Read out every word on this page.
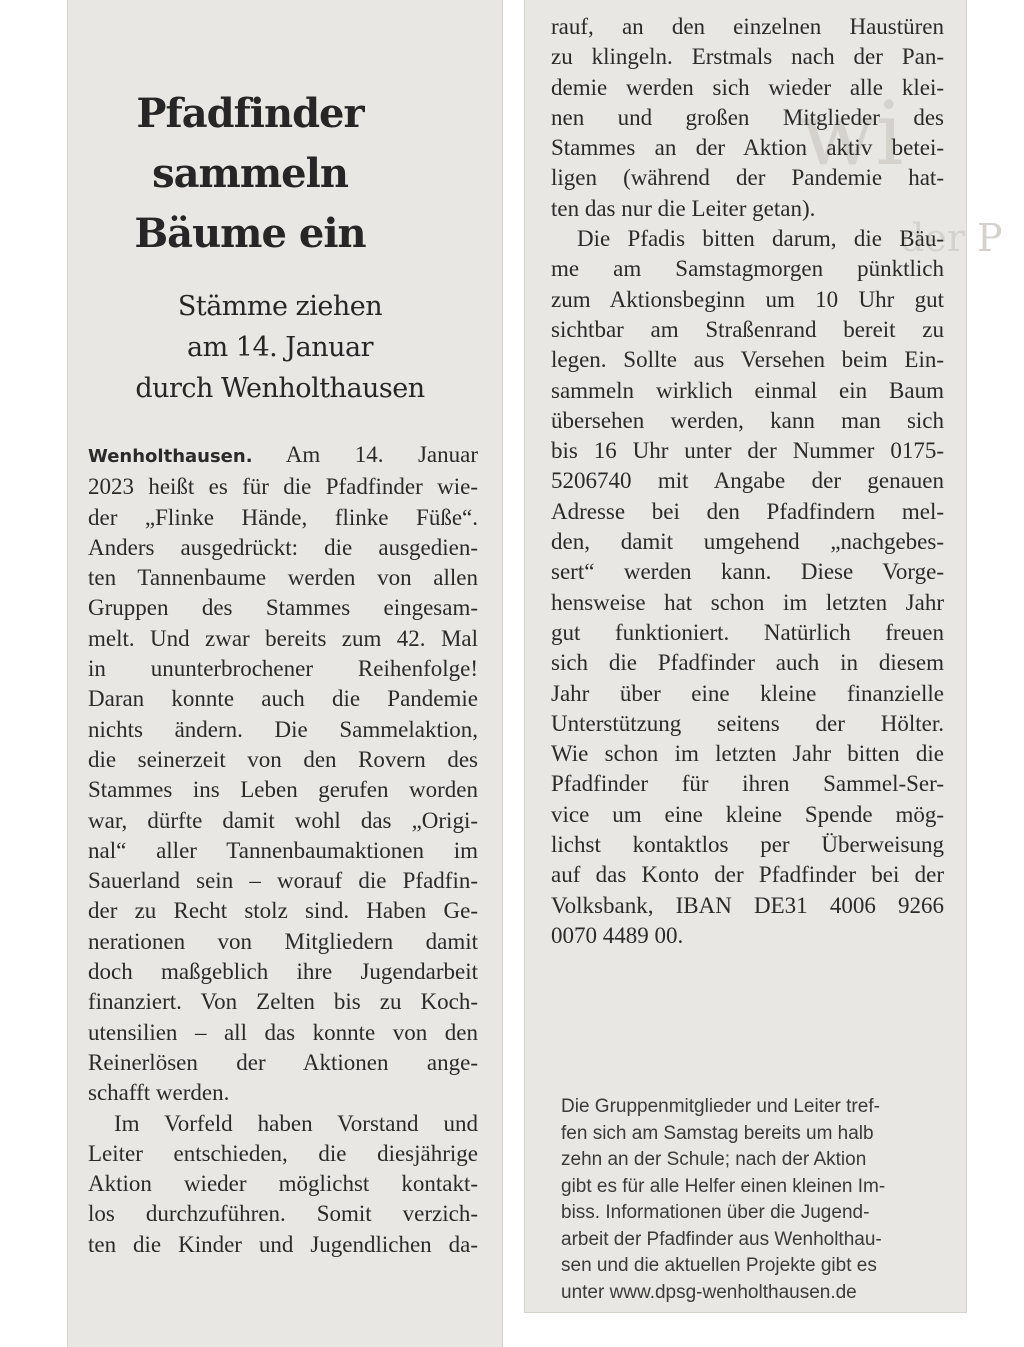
wi
der P
Pfadfinder
sammeln
Bäume ein
Stämme ziehen
am 14. Januar
durch Wenholthausen
Wenholthausen. Am 14. Januar
2023 heißt es für die Pfadfinder wie-
der „Flinke Hände, flinke Füße“.
Anders ausgedrückt: die ausgedien-
ten Tannenbaume werden von allen
Gruppen des Stammes eingesam-
melt. Und zwar bereits zum 42. Mal
in ununterbrochener Reihenfolge!
Daran konnte auch die Pandemie
nichts ändern. Die Sammelaktion,
die seinerzeit von den Rovern des
Stammes ins Leben gerufen worden
war, dürfte damit wohl das „Origi-
nal“ aller Tannenbaumaktionen im
Sauerland sein – worauf die Pfadfin-
der zu Recht stolz sind. Haben Ge-
nerationen von Mitgliedern damit
doch maßgeblich ihre Jugendarbeit
finanziert. Von Zelten bis zu Koch-
utensilien – all das konnte von den
Reinerlösen der Aktionen ange-
schafft werden.
Im Vorfeld haben Vorstand und
Leiter entschieden, die diesjährige
Aktion wieder möglichst kontakt-
los durchzuführen. Somit verzich-
ten die Kinder und Jugendlichen da-
rauf, an den einzelnen Haustüren
zu klingeln. Erstmals nach der Pan-
demie werden sich wieder alle klei-
nen und großen Mitglieder des
Stammes an der Aktion aktiv betei-
ligen (während der Pandemie hat-
ten das nur die Leiter getan).
Die Pfadis bitten darum, die Bäu-
me am Samstagmorgen pünktlich
zum Aktionsbeginn um 10 Uhr gut
sichtbar am Straßenrand bereit zu
legen. Sollte aus Versehen beim Ein-
sammeln wirklich einmal ein Baum
übersehen werden, kann man sich
bis 16 Uhr unter der Nummer 0175-
5206740 mit Angabe der genauen
Adresse bei den Pfadfindern mel-
den, damit umgehend „nachgebes-
sert“ werden kann. Diese Vorge-
hensweise hat schon im letzten Jahr
gut funktioniert. Natürlich freuen
sich die Pfadfinder auch in diesem
Jahr über eine kleine finanzielle
Unterstützung seitens der Hölter.
Wie schon im letzten Jahr bitten die
Pfadfinder für ihren Sammel-Ser-
vice um eine kleine Spende mög-
lichst kontaktlos per Überweisung
auf das Konto der Pfadfinder bei der
Volksbank, IBAN DE31 4006 9266
0070 4489 00.
Die Gruppenmitglieder und Leiter tref-
fen sich am Samstag bereits um halb
zehn an der Schule; nach der Aktion
gibt es für alle Helfer einen kleinen Im-
biss. Informationen über die Jugend-
arbeit der Pfadfinder aus Wenholthau-
sen und die aktuellen Projekte gibt es
unter www.dpsg-wenholthausen.de
